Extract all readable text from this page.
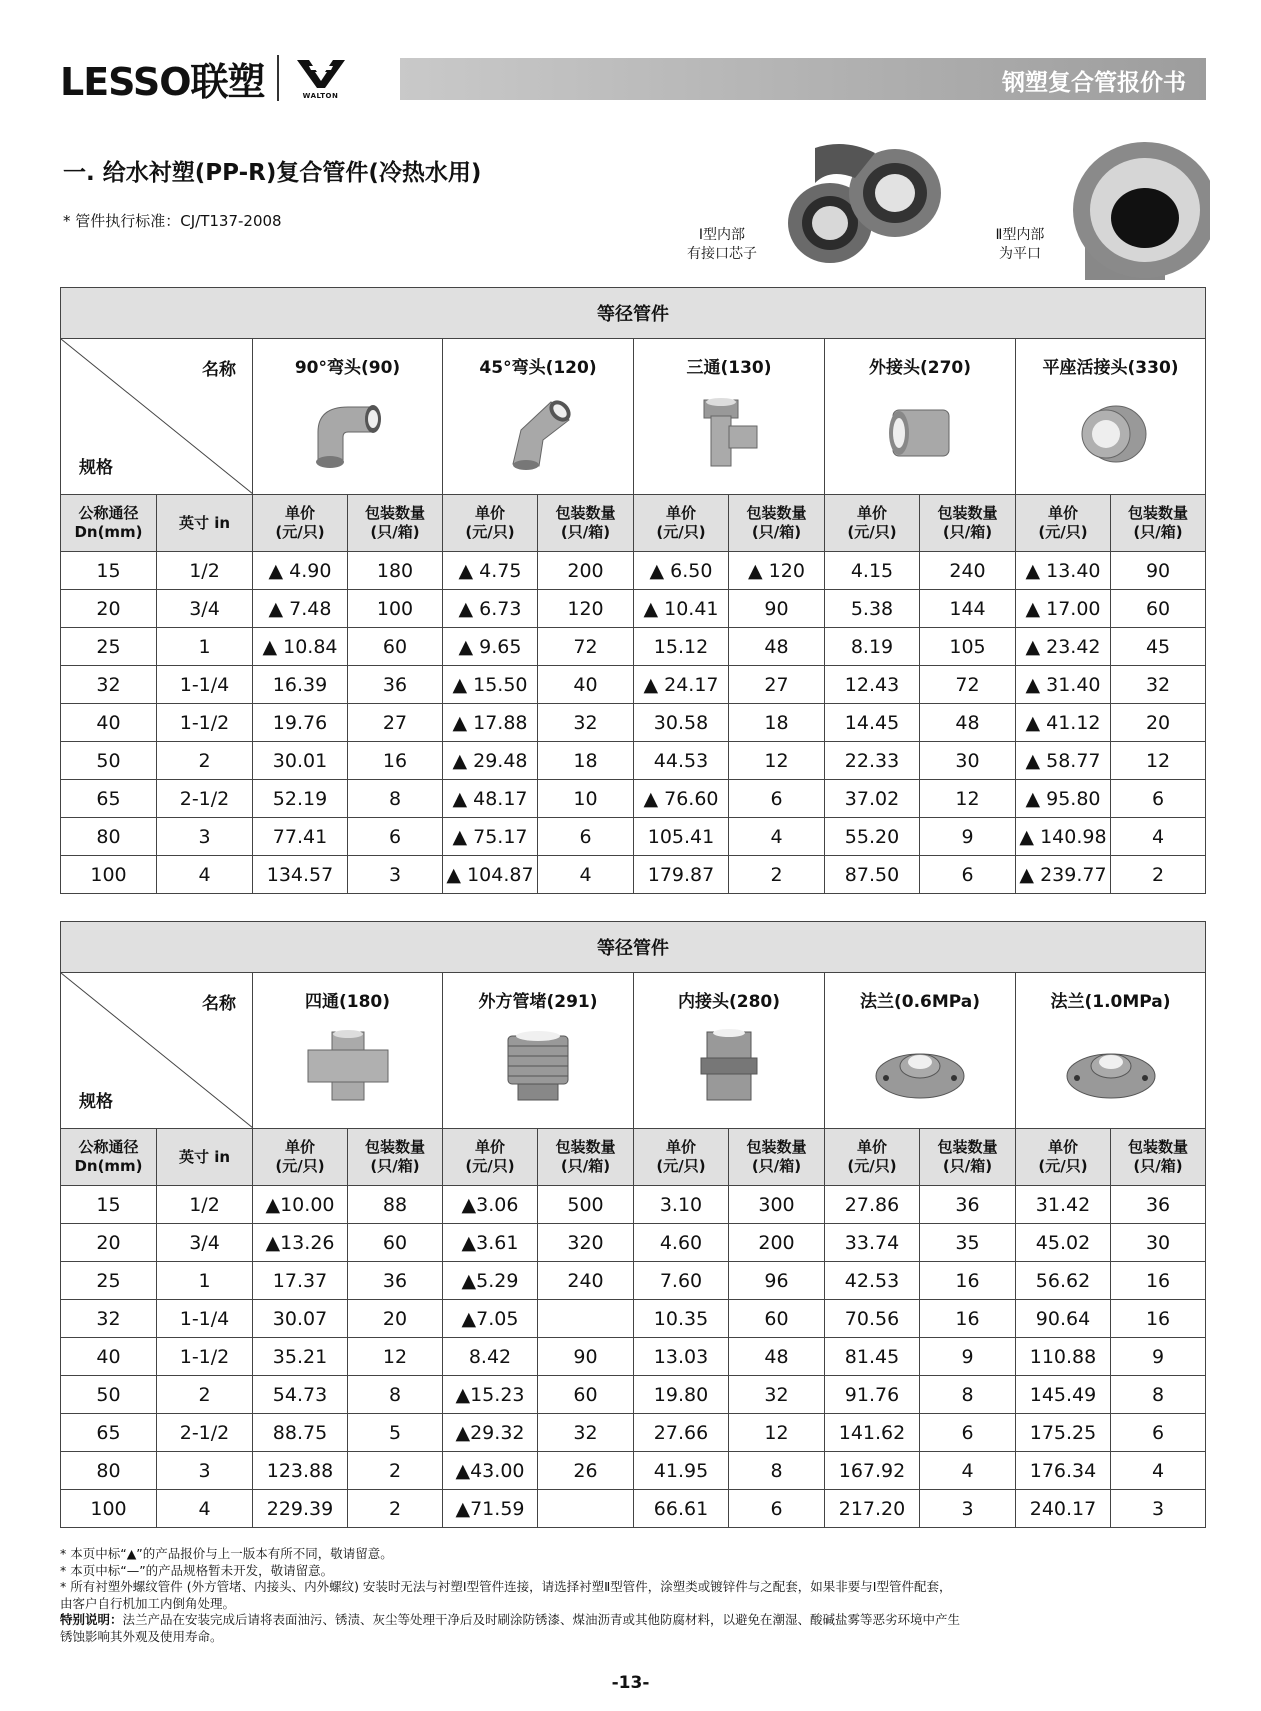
LESSO联塑	WALTON	钢塑复合管报价书
一. 给水衬塑(PP-R)复合管件(冷热水用)
* 管件执行标准：CJ/T137-2008
Ⅰ型内部
有接口芯子
Ⅱ型内部
为平口
等径管件											

名称
规格		90°弯头(90)		45°弯头(120)		三通(130)		外接头(270)		平座活接头(330)	

公称通径
Dn(mm)	英寸 in	单价
(元/只)	包装数量
(只/箱)	单价
(元/只)	包装数量
(只/箱)	单价
(元/只)	包装数量
(只/箱)	单价
(元/只)	包装数量
(只/箱)	单价
(元/只)	包装数量
(只/箱)
15	1/2	▲ 4.90	180	▲ 4.75	200	▲ 6.50	▲ 120	4.15	240	▲ 13.40	90
20	3/4	▲ 7.48	100	▲ 6.73	120	▲ 10.41	90	5.38	144	▲ 17.00	60
25	1	▲ 10.84	60	▲ 9.65	72	15.12	48	8.19	105	▲ 23.42	45
32	1-1/4	16.39	36	▲ 15.50	40	▲ 24.17	27	12.43	72	▲ 31.40	32
40	1-1/2	19.76	27	▲ 17.88	32	30.58	18	14.45	48	▲ 41.12	20
50	2	30.01	16	▲ 29.48	18	44.53	12	22.33	30	▲ 58.77	12
65	2-1/2	52.19	8	▲ 48.17	10	▲ 76.60	6	37.02	12	▲ 95.80	6
80	3	77.41	6	▲ 75.17	6	105.41	4	55.20	9	▲ 140.98	4
100	4	134.57	3	▲ 104.87	4	179.87	2	87.50	6	▲ 239.77	2
等径管件											

名称
规格		四通(180)		外方管堵(291)		内接头(280)		法兰(0.6MPa)		法兰(1.0MPa)	

公称通径
Dn(mm)	英寸 in	单价
(元/只)	包装数量
(只/箱)	单价
(元/只)	包装数量
(只/箱)	单价
(元/只)	包装数量
(只/箱)	单价
(元/只)	包装数量
(只/箱)	单价
(元/只)	包装数量
(只/箱)
15	1/2	▲10.00	88	▲3.06	500	3.10	300	27.86	36	31.42	36
20	3/4	▲13.26	60	▲3.61	320	4.60	200	33.74	35	45.02	30
25	1	17.37	36	▲5.29	240	7.60	96	42.53	16	56.62	16
32	1-1/4	30.07	20	▲7.05		10.35	60	70.56	16	90.64	16
40	1-1/2	35.21	12	8.42	90	13.03	48	81.45	9	110.88	9
50	2	54.73	8	▲15.23	60	19.80	32	91.76	8	145.49	8
65	2-1/2	88.75	5	▲29.32	32	27.66	12	141.62	6	175.25	6
80	3	123.88	2	▲43.00	26	41.95	8	167.92	4	176.34	4
100	4	229.39	2	▲71.59		66.61	6	217.20	3	240.17	3
* 本页中标“▲”的产品报价与上一版本有所不同，敬请留意。
* 本页中标“—”的产品规格暂未开发，敬请留意。
* 所有衬塑外螺纹管件 (外方管堵、内接头、内外螺纹) 安装时无法与衬塑Ⅰ型管件连接，请选择衬塑Ⅱ型管件，涂塑类或镀锌件与之配套，如果非要与Ⅰ型管件配套，
由客户自行机加工内倒角处理。
特别说明：法兰产品在安装完成后请将表面油污、锈渍、灰尘等处理干净后及时刷涂防锈漆、煤油沥青或其他防腐材料，以避免在潮湿、酸碱盐雾等恶劣环境中产生
锈蚀影响其外观及使用寿命。
-13-
